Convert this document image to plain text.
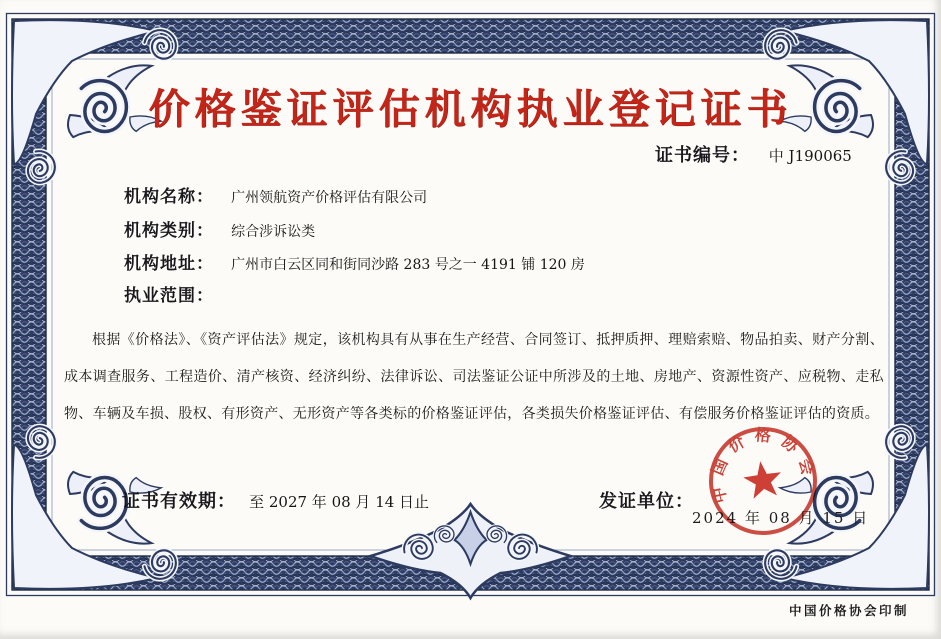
价格鉴证评估机构执业登记证书
证书编号： 中 J190065
机构名称： 广州领航资产价格评估有限公司
机构类别： 综合涉诉讼类
机构地址： 广州市白云区同和街同沙路 283 号之一 4191 铺 120 房
执业范围：

根据《价格法》、《资产评估法》规定，该机构具有从事在生产经营、合同签订、抵押质押、理赔索赔、物品拍卖、财产分割、成本调查服务、工程造价、清产核资、经济纠纷、法律诉讼、司法鉴证公证中所涉及的土地、房地产、资源性资产、应税物、走私物、车辆及车损、股权、有形资产、无形资产等各类标的价格鉴证评估，各类损失价格鉴证评估、有偿服务价格鉴证评估的资质。

证书有效期： 至 2027 年 08 月 14 日止	发证单位：
2024 年 08 月 15 日
中国价格协会
中国价格协会印制
